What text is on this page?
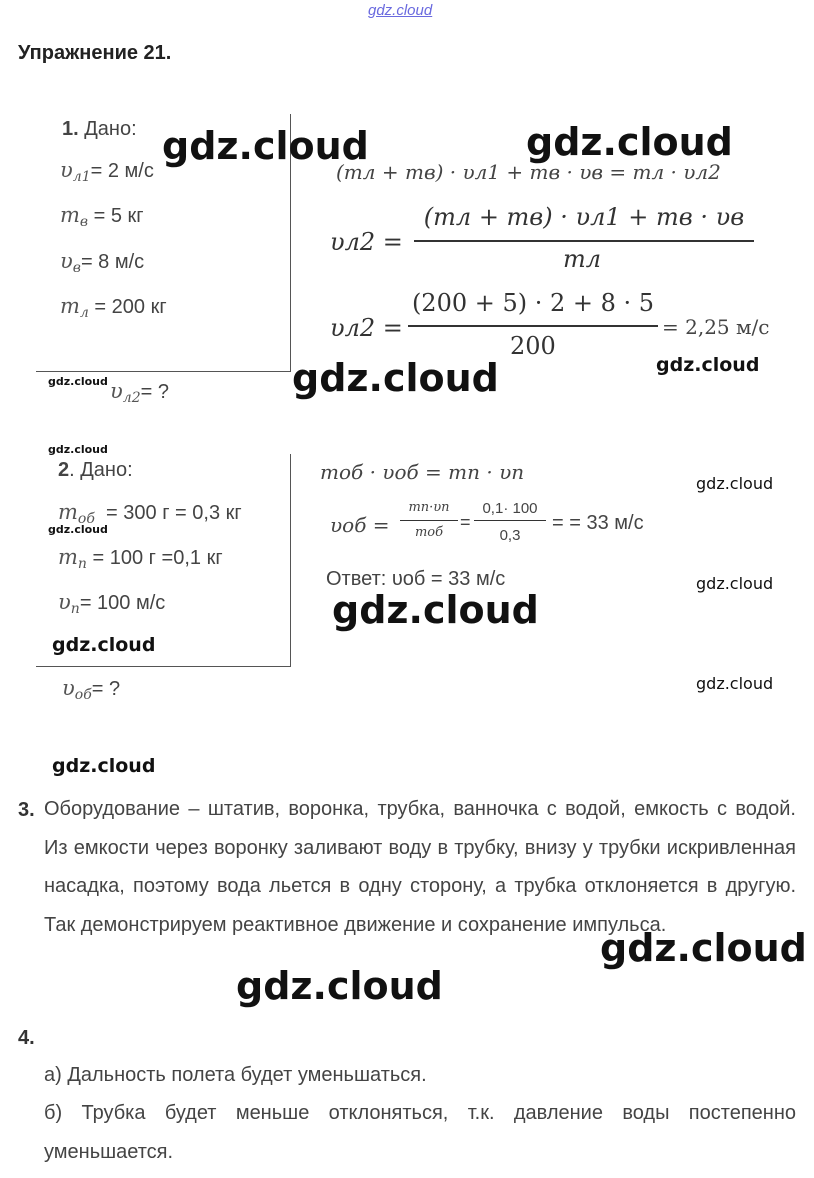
gdz.cloud
Упражнение 21.
1. Дано:
$\upsilon_{л1}= 2$ м/с
$m_в = 5$ кг
$\upsilon_в= 8$ м/с
$m_л = 200$ кг
$\upsilon_{л2}=$ ?
(mл + mв) · υл1 + mв · υв = mл · υл2
υл2 =
(mл + mв) · υл1 + mв · υв
mл
υл2 =
(200 + 5) · 2 + 8 · 5
200
= 2,25 м/с
2. Дано:
$m_{об} = 300$ г = 0,3 кг
$m_п = 100$ г =0,1 кг
$\upsilon_п= 100$ м/с
$\upsilon_{об}=$ ?
mоб · υоб = mп · υп
υоб =
mп·υп
mоб
=
0,1· 100
0,3
= = 33 м/с
Ответ: υоб = 33 м/с
3. Оборудование – штатив, воронка, трубка, ванночка с водой, емкость с водой. Из емкости через воронку заливают воду в трубку, внизу у трубки искривленная насадка, поэтому вода льется в одну сторону, а трубка отклоняется в другую. Так демонстрируем реактивное движение и сохранение импульса.
4.
а) Дальность полета будет уменьшаться.
б) Трубка будет меньше отклоняться, т.к. давление воды постепенно уменьшается.
gdz.cloud	gdz.cloud
gdz.cloud	gdz.cloud
gdz.cloud
gdz.cloud
gdz.cloud
gdz.cloud
gdz.cloud
gdz.cloud
gdz.cloud
gdz.cloud
gdz.cloud
gdz.cloud
gdz.cloud
